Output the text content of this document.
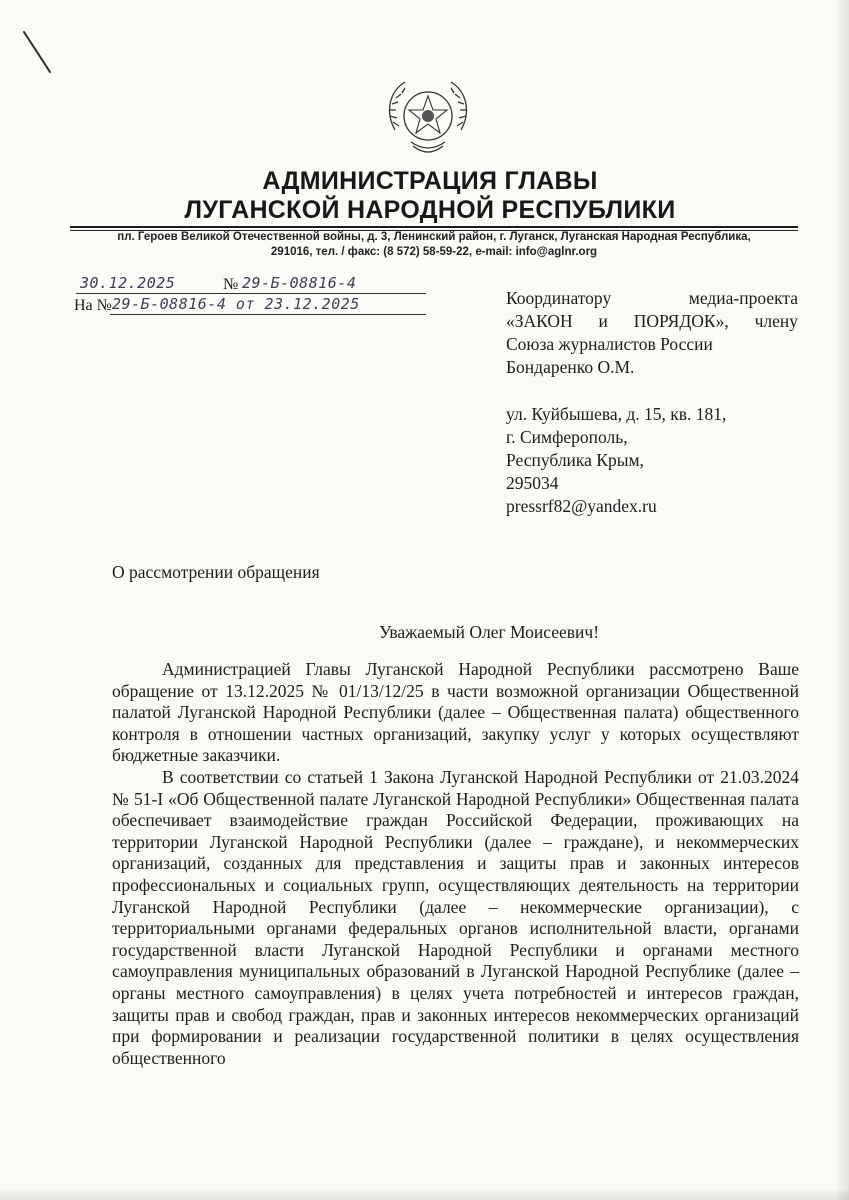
АДМИНИСТРАЦИЯ ГЛАВЫ
ЛУГАНСКОЙ НАРОДНОЙ РЕСПУБЛИКИ
пл. Героев Великой Отечественной войны, д. 3, Ленинский район, г. Луганск, Луганская Народная Республика,
291016, тел. / факс: (8 572) 58-59-22, e-mail: info@aglnr.org
30.12.2025	№ 29-Б-08816-4
На № 29-Б-08816-4 от 23.12.2025	Координатору медиа-проекта
«ЗАКОН и ПОРЯДОК», члену
Союза журналистов России
Бондаренко О.М.
ул. Куйбышева, д. 15, кв. 181,
г. Симферополь,
Республика Крым,
295034
pressrf82@yandex.ru
О рассмотрении обращения
Уважаемый Олег Моисеевич!

Администрацией Главы Луганской Народной Республики рассмотрено Ваше обращение от 13.12.2025 № 01/13/12/25 в части возможной организации Общественной палатой Луганской Народной Республики (далее – Общественная палата) общественного контроля в отношении частных организаций, закупку услуг у которых осуществляют бюджетные заказчики.

В соответствии со статьей 1 Закона Луганской Народной Республики от 21.03.2024 № 51-I «Об Общественной палате Луганской Народной Республики» Общественная палата обеспечивает взаимодействие граждан Российской Федерации, проживающих на территории Луганской Народной Республики (далее – граждане), и некоммерческих организаций, созданных для представления и защиты прав и законных интересов профессиональных и социальных групп, осуществляющих деятельность на территории Луганской Народной Республики (далее – некоммерческие организации), с территориальными органами федеральных органов исполнительной власти, органами государственной власти Луганской Народной Республики и органами местного самоуправления муниципальных образований в Луганской Народной Республике (далее – органы местного самоуправления) в целях учета потребностей и интересов граждан, защиты прав и свобод граждан, прав и законных интересов некоммерческих организаций при формировании и реализации государственной политики в целях осуществления общественного
